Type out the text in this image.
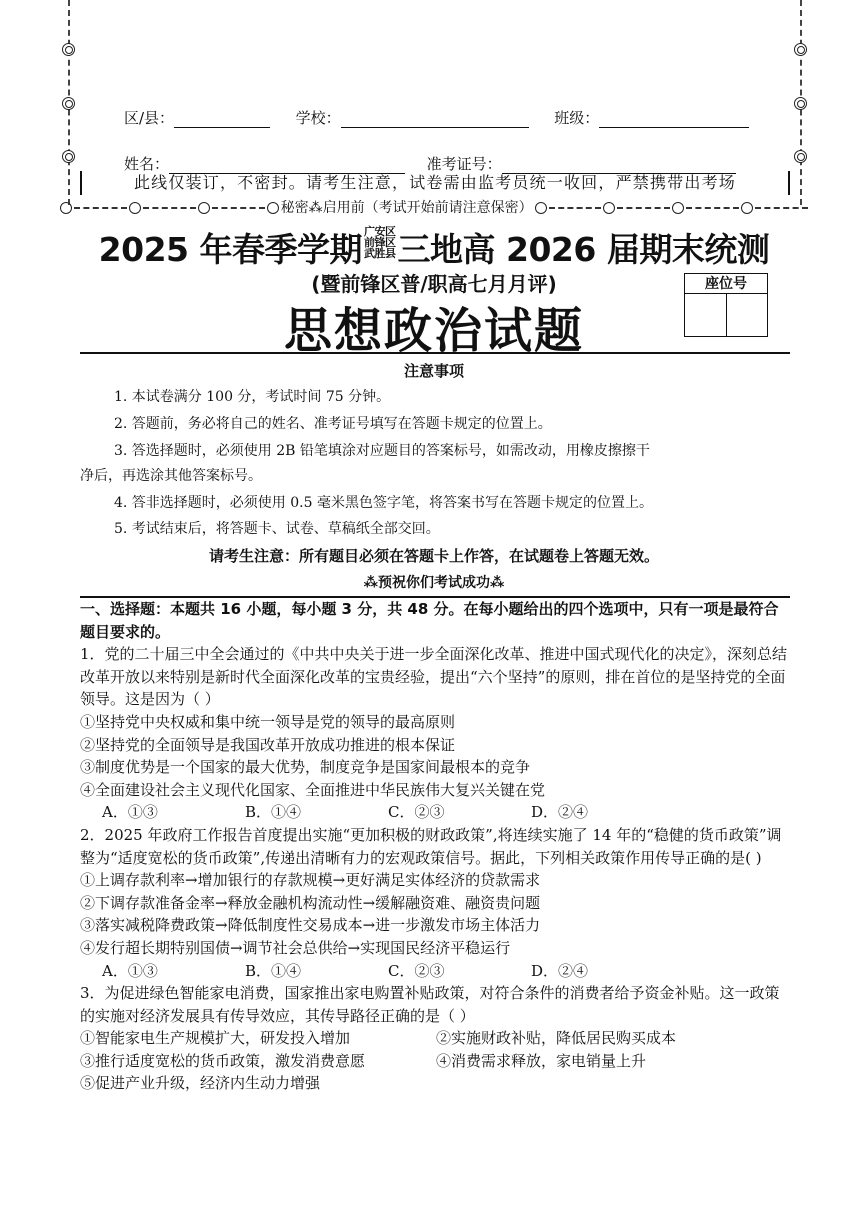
区/县：	学校：	班级：
姓名：	准考证号：
此线仅装订，不密封。请考生注意，试卷需由监考员统一收回，严禁携带出考场
秘密⁂启用前（考试开始前请注意保密）
2025 年春季学期 广安区
前锋区
武胜县 三地高 2026 届期末统测
(暨前锋区普/职高七月月评)
思想政治试题
座位号
注意事项
1. 本试卷满分 100 分，考试时间 75 分钟。
2. 答题前，务必将自己的姓名、准考证号填写在答题卡规定的位置上。
3. 答选择题时，必须使用 2B 铅笔填涂对应题目的答案标号，如需改动，用橡皮擦擦干
净后，再选涂其他答案标号。
4. 答非选择题时，必须使用 0.5 毫米黑色签字笔，将答案书写在答题卡规定的位置上。
5. 考试结束后，将答题卡、试卷、草稿纸全部交回。
请考生注意：所有题目必须在答题卡上作答，在试题卷上答题无效。
⁂预祝你们考试成功⁂
一、选择题：本题共 16 小题，每小题 3 分，共 48 分。在每小题给出的四个选项中，只有一项是最符合题目要求的。
1．党的二十届三中全会通过的《中共中央关于进一步全面深化改革、推进中国式现代化的决定》，深刻总结改革开放以来特别是新时代全面深化改革的宝贵经验，提出“六个坚持”的原则，排在首位的是坚持党的全面领导。这是因为（ ）
①坚持党中央权威和集中统一领导是党的领导的最高原则
②坚持党的全面领导是我国改革开放成功推进的根本保证
③制度优势是一个国家的最大优势，制度竞争是国家间最根本的竞争
④全面建设社会主义现代化国家、全面推进中华民族伟大复兴关键在党
A．①③	B．①④	C．②③	D．②④
2．2025 年政府工作报告首度提出实施“更加积极的财政政策”,将连续实施了 14 年的“稳健的货币政策”调整为“适度宽松的货币政策”,传递出清晰有力的宏观政策信号。据此，下列相关政策作用传导正确的是( )
①上调存款利率→增加银行的存款规模→更好满足实体经济的贷款需求
②下调存款准备金率→释放金融机构流动性→缓解融资难、融资贵问题
③落实减税降费政策→降低制度性交易成本→进一步激发市场主体活力
④发行超长期特别国债→调节社会总供给→实现国民经济平稳运行
A．①③	B．①④	C．②③	D．②④
3．为促进绿色智能家电消费，国家推出家电购置补贴政策，对符合条件的消费者给予资金补贴。这一政策的实施对经济发展具有传导效应，其传导路径正确的是（ ）
①智能家电生产规模扩大，研发投入增加	②实施财政补贴，降低居民购买成本
③推行适度宽松的货币政策，激发消费意愿	④消费需求释放，家电销量上升
⑤促进产业升级，经济内生动力增强
